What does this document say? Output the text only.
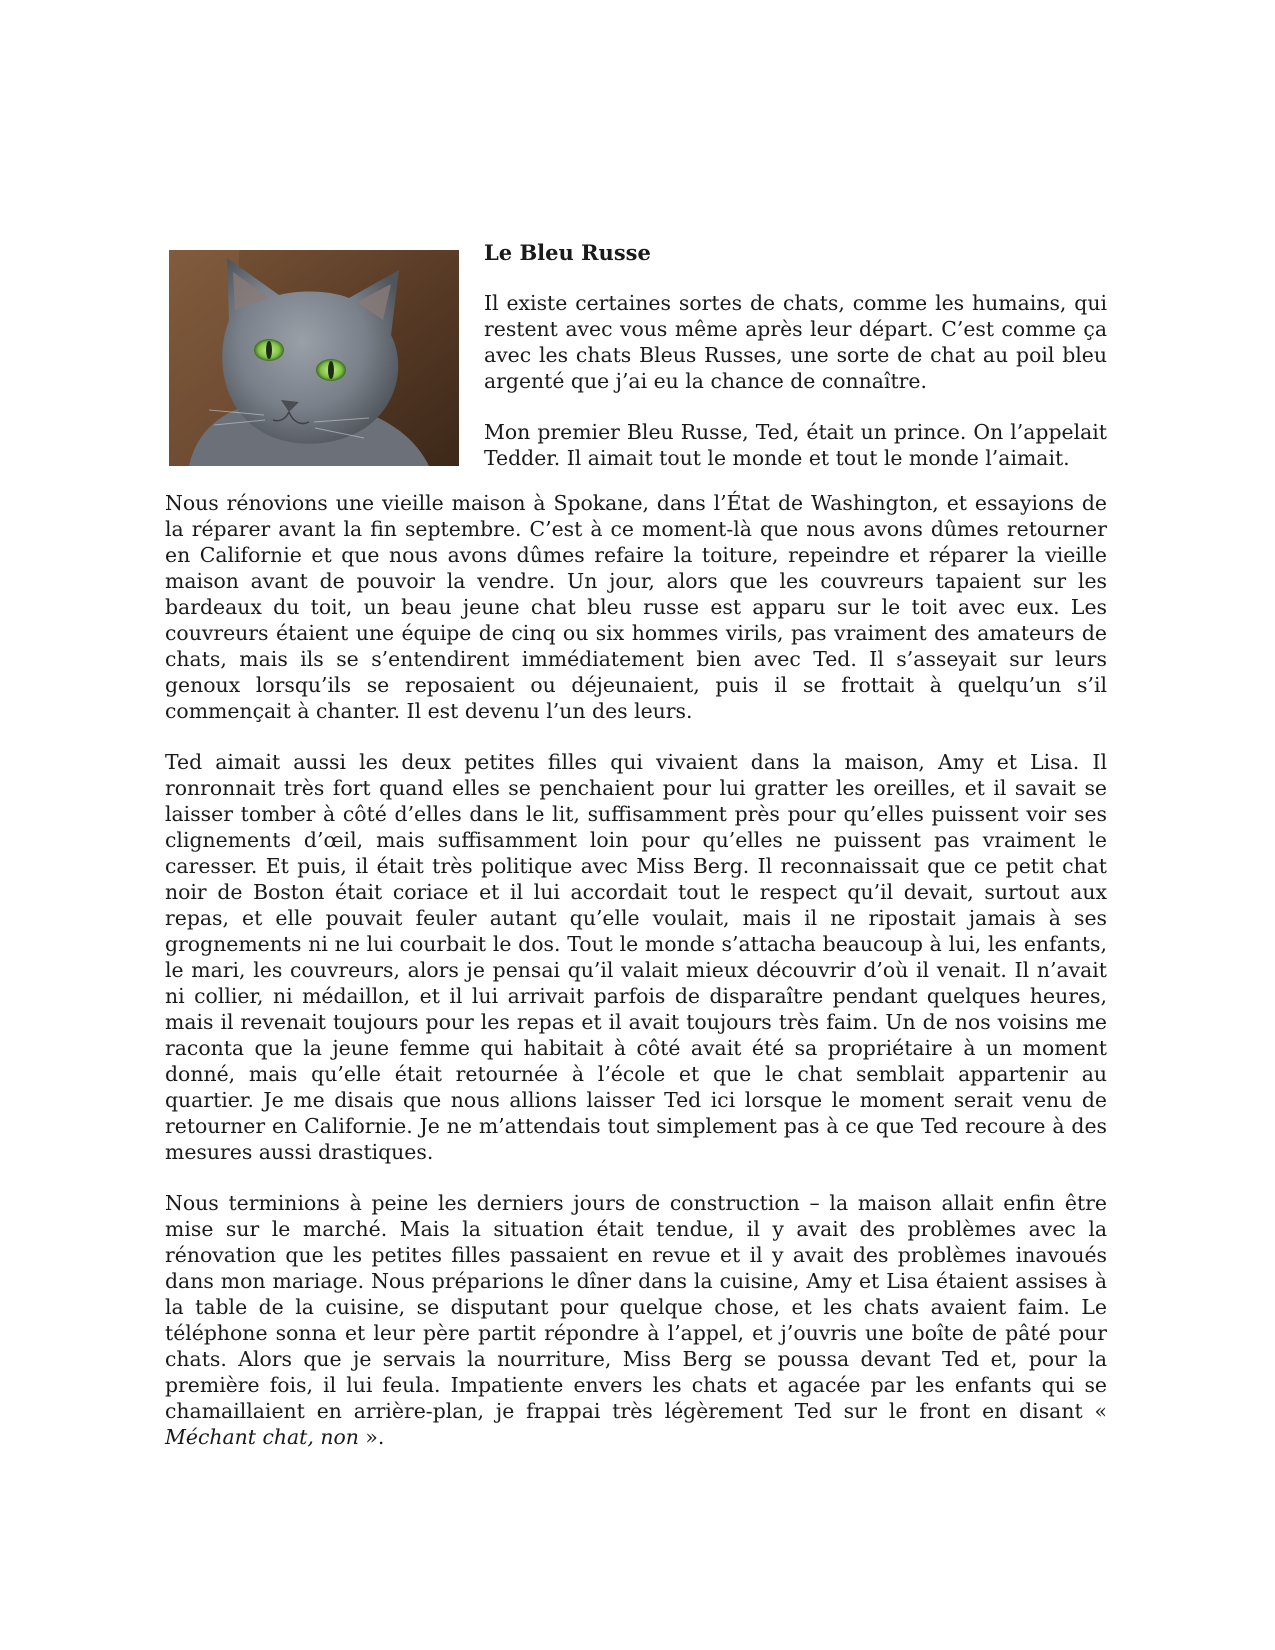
Le Bleu Russe

Il existe certaines sortes de chats, comme les humains, qui restent avec vous même après leur départ. C’est comme ça avec les chats Bleus Russes, une sorte de chat au poil bleu argenté que j’ai eu la chance de connaître.

Mon premier Bleu Russe, Ted, était un prince. On l’appelait Tedder. Il aimait tout le monde et tout le monde l’aimait.

Nous rénovions une vieille maison à Spokane, dans l’État de Washington, et essayions de la réparer avant la fin septembre. C’est à ce moment-là que nous avons dûmes retourner en Californie et que nous avons dûmes refaire la toiture, repeindre et réparer la vieille maison avant de pouvoir la vendre. Un jour, alors que les couvreurs tapaient sur les bardeaux du toit, un beau jeune chat bleu russe est apparu sur le toit avec eux. Les couvreurs étaient une équipe de cinq ou six hommes virils, pas vraiment des amateurs de chats, mais ils se s’entendirent immédiatement bien avec Ted. Il s’asseyait sur leurs genoux lorsqu’ils se reposaient ou déjeunaient, puis il se frottait à quelqu’un s’il commençait à chanter. Il est devenu l’un des leurs.

Ted aimait aussi les deux petites filles qui vivaient dans la maison, Amy et Lisa. Il ronronnait très fort quand elles se penchaient pour lui gratter les oreilles, et il savait se laisser tomber à côté d’elles dans le lit, suffisamment près pour qu’elles puissent voir ses clignements d’œil, mais suffisamment loin pour qu’elles ne puissent pas vraiment le caresser. Et puis, il était très politique avec Miss Berg. Il reconnaissait que ce petit chat noir de Boston était coriace et il lui accordait tout le respect qu’il devait, surtout aux repas, et elle pouvait feuler autant qu’elle voulait, mais il ne ripostait jamais à ses grognements ni ne lui courbait le dos. Tout le monde s’attacha beaucoup à lui, les enfants, le mari, les couvreurs, alors je pensai qu’il valait mieux découvrir d’où il venait. Il n’avait ni collier, ni médaillon, et il lui arrivait parfois de disparaître pendant quelques heures, mais il revenait toujours pour les repas et il avait toujours très faim. Un de nos voisins me raconta que la jeune femme qui habitait à côté avait été sa propriétaire à un moment donné, mais qu’elle était retournée à l’école et que le chat semblait appartenir au quartier. Je me disais que nous allions laisser Ted ici lorsque le moment serait venu de retourner en Californie. Je ne m’attendais tout simplement pas à ce que Ted recoure à des mesures aussi drastiques.

Nous terminions à peine les derniers jours de construction – la maison allait enfin être mise sur le marché. Mais la situation était tendue, il y avait des problèmes avec la rénovation que les petites filles passaient en revue et il y avait des problèmes inavoués dans mon mariage. Nous préparions le dîner dans la cuisine, Amy et Lisa étaient assises à la table de la cuisine, se disputant pour quelque chose, et les chats avaient faim. Le téléphone sonna et leur père partit répondre à l’appel, et j’ouvris une boîte de pâté pour chats. Alors que je servais la nourriture, Miss Berg se poussa devant Ted et, pour la première fois, il lui feula. Impatiente envers les chats et agacée par les enfants qui se chamaillaient en arrière-plan, je frappai très légèrement Ted sur le front en disant « Méchant chat, non ».
